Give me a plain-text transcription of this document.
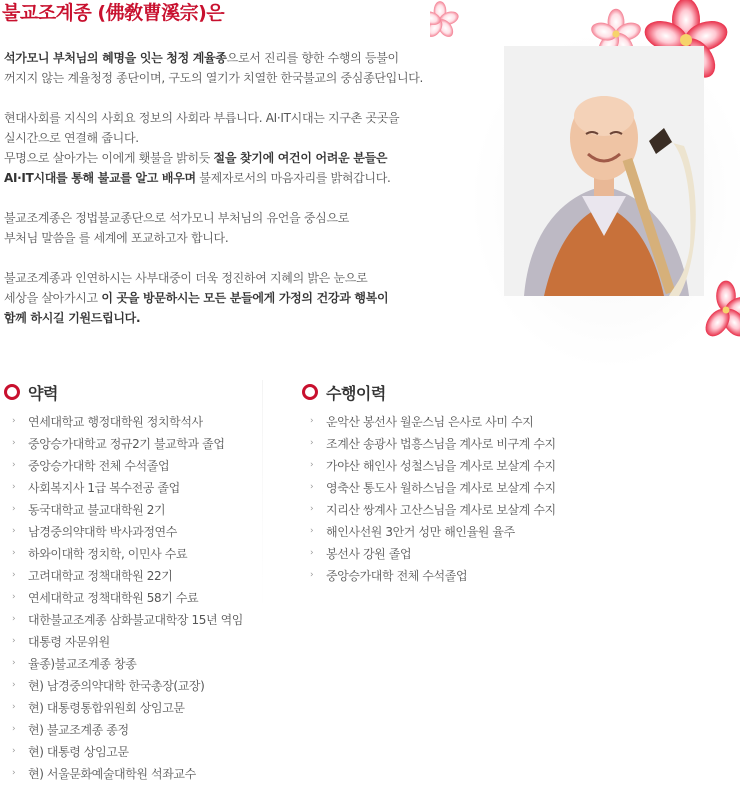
불교조계종 (佛敎曹溪宗)은

석가모니 부처님의 혜명을 잇는 청정 계율종으로서 진리를 향한 수행의 등불이
꺼지지 않는 계율청정 종단이며, 구도의 열기가 치열한 한국불교의 중심종단입니다.

현대사회를 지식의 사회요 정보의 사회라 부릅니다. AI·IT시대는 지구촌 곳곳을
실시간으로 연결해 줍니다.
무명으로 살아가는 이에게 횃불을 밝히듯 절을 찾기에 여건이 어려운 분들은
AI·IT시대를 통해 불교를 알고 배우며 불제자로서의 마음자리를 밝혀갑니다.

불교조계종은 정법불교종단으로 석가모니 부처님의 유언을 중심으로
부처님 말씀을 를 세계에 포교하고자 합니다.

불교조계종과 인연하시는 사부대중이 더욱 정진하여 지혜의 밝은 눈으로
세상을 살아가시고 이 곳을 방문하시는 모든 분들에게 가정의 건강과 행복이
함께 하시길 기원드립니다.

약력
›	연세대학교 행정대학원 정치학석사
›	중앙승가대학교 정규2기 불교학과 졸업
›	중앙승가대학 전체 수석졸업
›	사회복지사 1급 복수전공 졸업
›	동국대학교 불교대학원 2기
›	남경중의약대학 박사과정연수
›	하와이대학 정치학, 이민사 수료
›	고려대학교 정책대학원 22기
›	연세대학교 정책대학원 58기 수료
›	대한불교조계종 삼화불교대학장 15년 역임
›	대통령 자문위원
›	율종)불교조계종 창종
›	현) 남경중의약대학 한국총장(교장)
›	현) 대통령통합위원회 상임고문
›	현) 불교조계종 종정
›	현) 대통령 상임고문
›	현) 서울문화예술대학원 석좌교수
수행이력
›	운악산 봉선사 월운스님 은사로 사미 수지
›	조계산 송광사 법흥스님을 계사로 비구계 수지
›	가야산 해인사 성철스님을 계사로 보살계 수지
›	영축산 통도사 월하스님을 계사로 보살계 수지
›	지리산 쌍계사 고산스님을 계사로 보살계 수지
›	해인사선원 3안거 성만 해인율원 율주
›	봉선사 강원 졸업
›	중앙승가대학 전체 수석졸업
